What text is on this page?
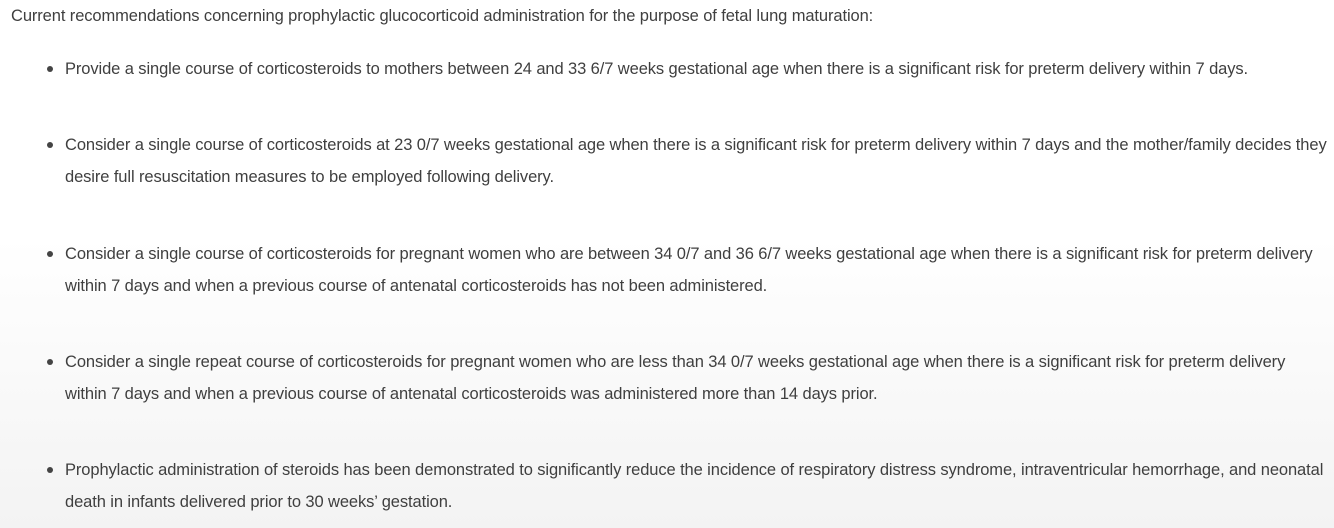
Current recommendations concerning prophylactic glucocorticoid administration for the purpose of fetal lung maturation:

Provide a single course of corticosteroids to mothers between 24 and 33 6/7 weeks gestational age when there is a significant risk for preterm delivery within 7 days.
Consider a single course of corticosteroids at 23 0/7 weeks gestational age when there is a significant risk for preterm delivery within 7 days and the mother/family decides they desire full resuscitation measures to be employed following delivery.
Consider a single course of corticosteroids for pregnant women who are between 34 0/7 and 36 6/7 weeks gestational age when there is a significant risk for preterm delivery within 7 days and when a previous course of antenatal corticosteroids has not been administered.
Consider a single repeat course of corticosteroids for pregnant women who are less than 34 0/7 weeks gestational age when there is a significant risk for preterm delivery within 7 days and when a previous course of antenatal corticosteroids was administered more than 14 days prior.
Prophylactic administration of steroids has been demonstrated to significantly reduce the incidence of respiratory distress syndrome, intraventricular hemorrhage, and neonatal death in infants delivered prior to 30 weeks’ gestation.
